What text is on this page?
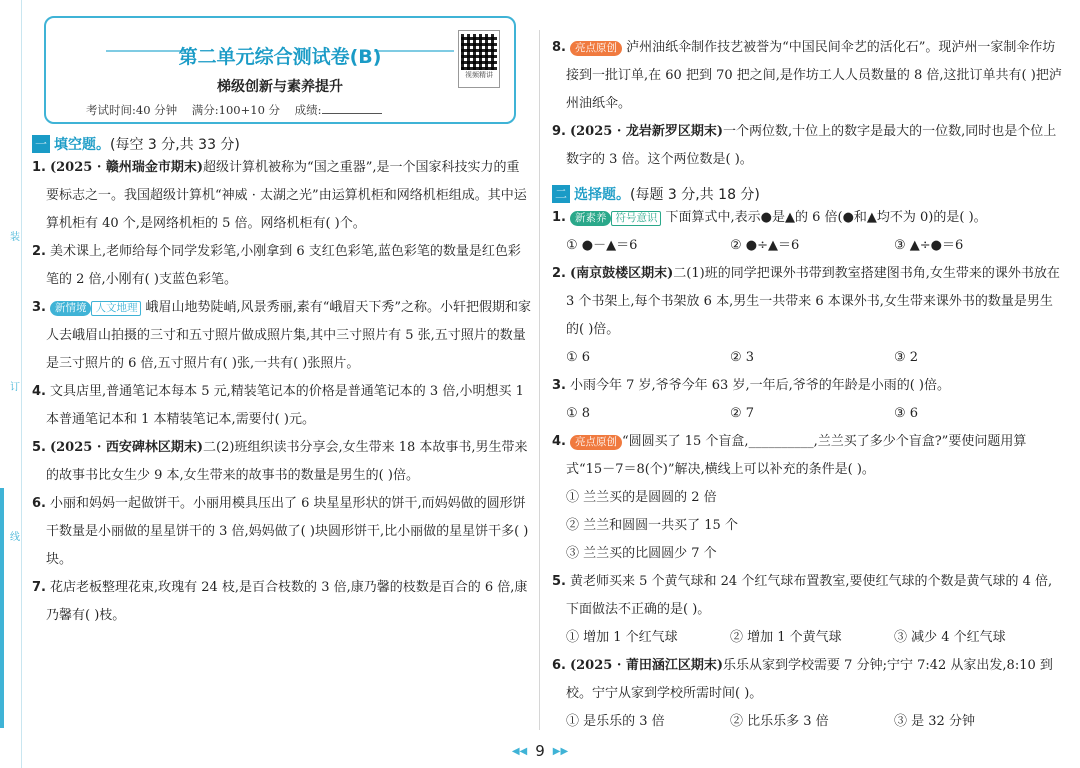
装
订
线
第二单元综合测试卷(B)
梯级创新与素养提升
考试时间:40 分钟 满分:100+10 分 成绩:
视频精讲
一 填空题。(每空 3 分,共 33 分)

1. (2025 · 赣州瑞金市期末)超级计算机被称为“国之重器”,是一个国家科技实力的重要标志之一。我国超级计算机“神威 · 太湖之光”由运算机柜和网络机柜组成。其中运算机柜有 40 个,是网络机柜的 5 倍。网络机柜有( )个。

2. 美术课上,老师给每个同学发彩笔,小刚拿到 6 支红色彩笔,蓝色彩笔的数量是红色彩笔的 2 倍,小刚有( )支蓝色彩笔。

3. 新情境 人文地理 峨眉山地势陡峭,风景秀丽,素有“峨眉天下秀”之称。小轩把假期和家人去峨眉山拍摄的三寸和五寸照片做成照片集,其中三寸照片有 5 张,五寸照片的数量是三寸照片的 6 倍,五寸照片有( )张,一共有( )张照片。

4. 文具店里,普通笔记本每本 5 元,精装笔记本的价格是普通笔记本的 3 倍,小明想买 1 本普通笔记本和 1 本精装笔记本,需要付( )元。

5. (2025 · 西安碑林区期末)二(2)班组织读书分享会,女生带来 18 本故事书,男生带来的故事书比女生少 9 本,女生带来的故事书的数量是男生的( )倍。

6. 小丽和妈妈一起做饼干。小丽用模具压出了 6 块星星形状的饼干,而妈妈做的圆形饼干数量是小丽做的星星饼干的 3 倍,妈妈做了( )块圆形饼干,比小丽做的星星饼干多( )块。

7. 花店老板整理花束,玫瑰有 24 枝,是百合枝数的 3 倍,康乃馨的枝数是百合的 6 倍,康乃馨有( )枝。

8. 亮点原创 泸州油纸伞制作技艺被誉为“中国民间伞艺的活化石”。现泸州一家制伞作坊接到一批订单,在 60 把到 70 把之间,是作坊工人人员数量的 8 倍,这批订单共有( )把泸州油纸伞。

9. (2025 · 龙岩新罗区期末)一个两位数,十位上的数字是最大的一位数,同时也是个位上数字的 3 倍。这个两位数是( )。

二 选择题。(每题 3 分,共 18 分)

1. 新素养 符号意识 下面算式中,表示●是▲的 6 倍(●和▲均不为 0)的是( )。

① ●－▲＝6	② ●÷▲＝6	③ ▲÷●＝6

2. (南京鼓楼区期末)二(1)班的同学把课外书带到教室搭建图书角,女生带来的课外书放在 3 个书架上,每个书架放 6 本,男生一共带来 6 本课外书,女生带来课外书的数量是男生的( )倍。

① 6	② 3	③ 2

3. 小雨今年 7 岁,爷爷今年 63 岁,一年后,爷爷的年龄是小雨的( )倍。

① 8	② 7	③ 6

4. 亮点原创 “圆圆买了 15 个盲盒,__________,兰兰买了多少个盲盒?”要使问题用算式“15－7＝8(个)”解决,横线上可以补充的条件是( )。

① 兰兰买的是圆圆的 2 倍
② 兰兰和圆圆一共买了 15 个
③ 兰兰买的比圆圆少 7 个

5. 黄老师买来 5 个黄气球和 24 个红气球布置教室,要使红气球的个数是黄气球的 4 倍,下面做法不正确的是( )。

① 增加 1 个红气球	② 增加 1 个黄气球	③ 减少 4 个红气球

6. (2025 · 莆田涵江区期末)乐乐从家到学校需要 7 分钟;宁宁 7:42 从家出发,8:10 到校。宁宁从家到学校所需时间( )。

① 是乐乐的 3 倍	② 比乐乐多 3 倍	③ 是 32 分钟
◀◀ 9 ▶▶
